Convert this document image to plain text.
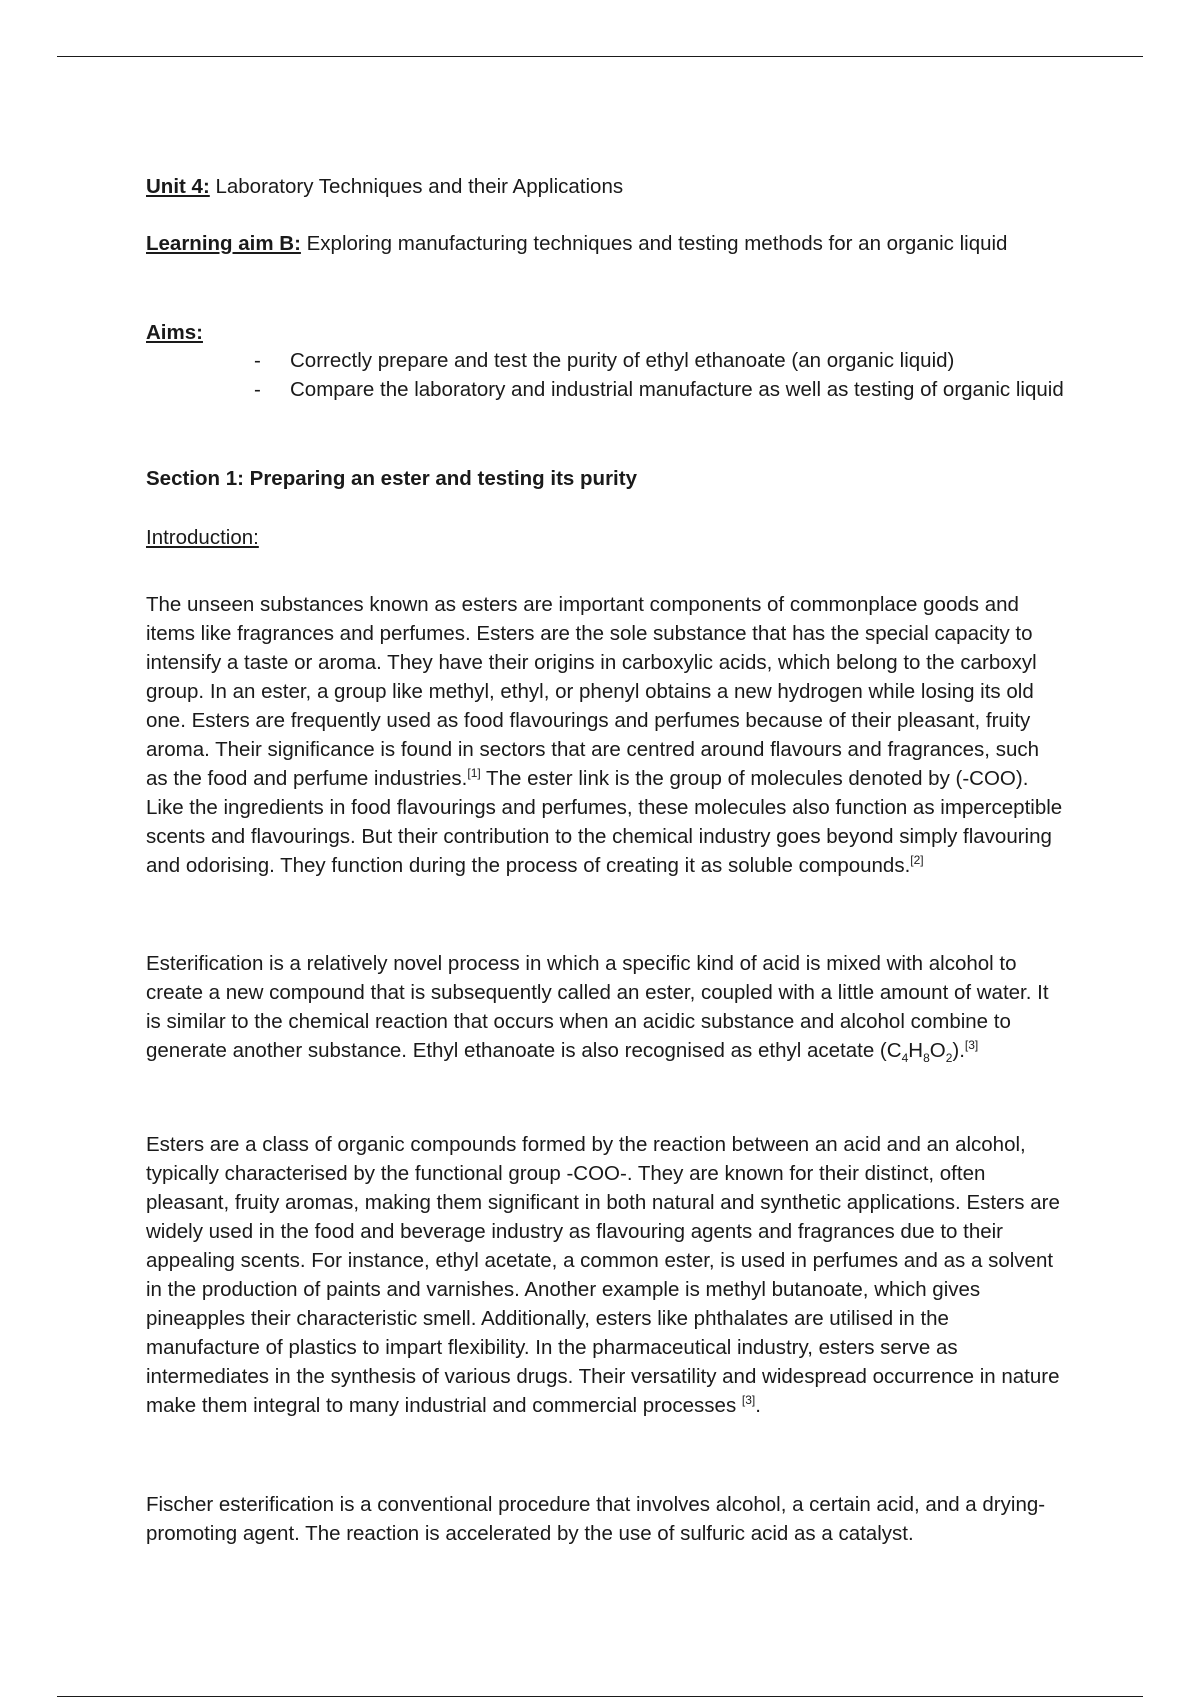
Unit 4: Laboratory Techniques and their Applications

Learning aim B: Exploring manufacturing techniques and testing methods for an organic liquid

Aims:

- Correctly prepare and test the purity of ethyl ethanoate (an organic liquid)
- Compare the laboratory and industrial manufacture as well as testing of organic liquid

Section 1: Preparing an ester and testing its purity

Introduction:

The unseen substances known as esters are important components of commonplace goods and items like fragrances and perfumes. Esters are the sole substance that has the special capacity to intensify a taste or aroma. They have their origins in carboxylic acids, which belong to the carboxyl group. In an ester, a group like methyl, ethyl, or phenyl obtains a new hydrogen while losing its old one. Esters are frequently used as food flavourings and perfumes because of their pleasant, fruity aroma. Their significance is found in sectors that are centred around flavours and fragrances, such as the food and perfume industries.[1] The ester link is the group of molecules denoted by (-COO). Like the ingredients in food flavourings and perfumes, these molecules also function as imperceptible scents and flavourings. But their contribution to the chemical industry goes beyond simply flavouring and odorising. They function during the process of creating it as soluble compounds.[2]

Esterification is a relatively novel process in which a specific kind of acid is mixed with alcohol to create a new compound that is subsequently called an ester, coupled with a little amount of water. It is similar to the chemical reaction that occurs when an acidic substance and alcohol combine to generate another substance. Ethyl ethanoate is also recognised as ethyl acetate $(C_4H_8O_2).[3]$

Esters are a class of organic compounds formed by the reaction between an acid and an alcohol, typically characterised by the functional group -COO-. They are known for their distinct, often pleasant, fruity aromas, making them significant in both natural and synthetic applications. Esters are widely used in the food and beverage industry as flavouring agents and fragrances due to their appealing scents. For instance, ethyl acetate, a common ester, is used in perfumes and as a solvent in the production of paints and varnishes. Another example is methyl butanoate, which gives pineapples their characteristic smell. Additionally, esters like phthalates are utilised in the manufacture of plastics to impart flexibility. In the pharmaceutical industry, esters serve as intermediates in the synthesis of various drugs. Their versatility and widespread occurrence in nature make them integral to many industrial and commercial processes [3].

Fischer esterification is a conventional procedure that involves alcohol, a certain acid, and a drying-promoting agent. The reaction is accelerated by the use of sulfuric acid as a catalyst.
